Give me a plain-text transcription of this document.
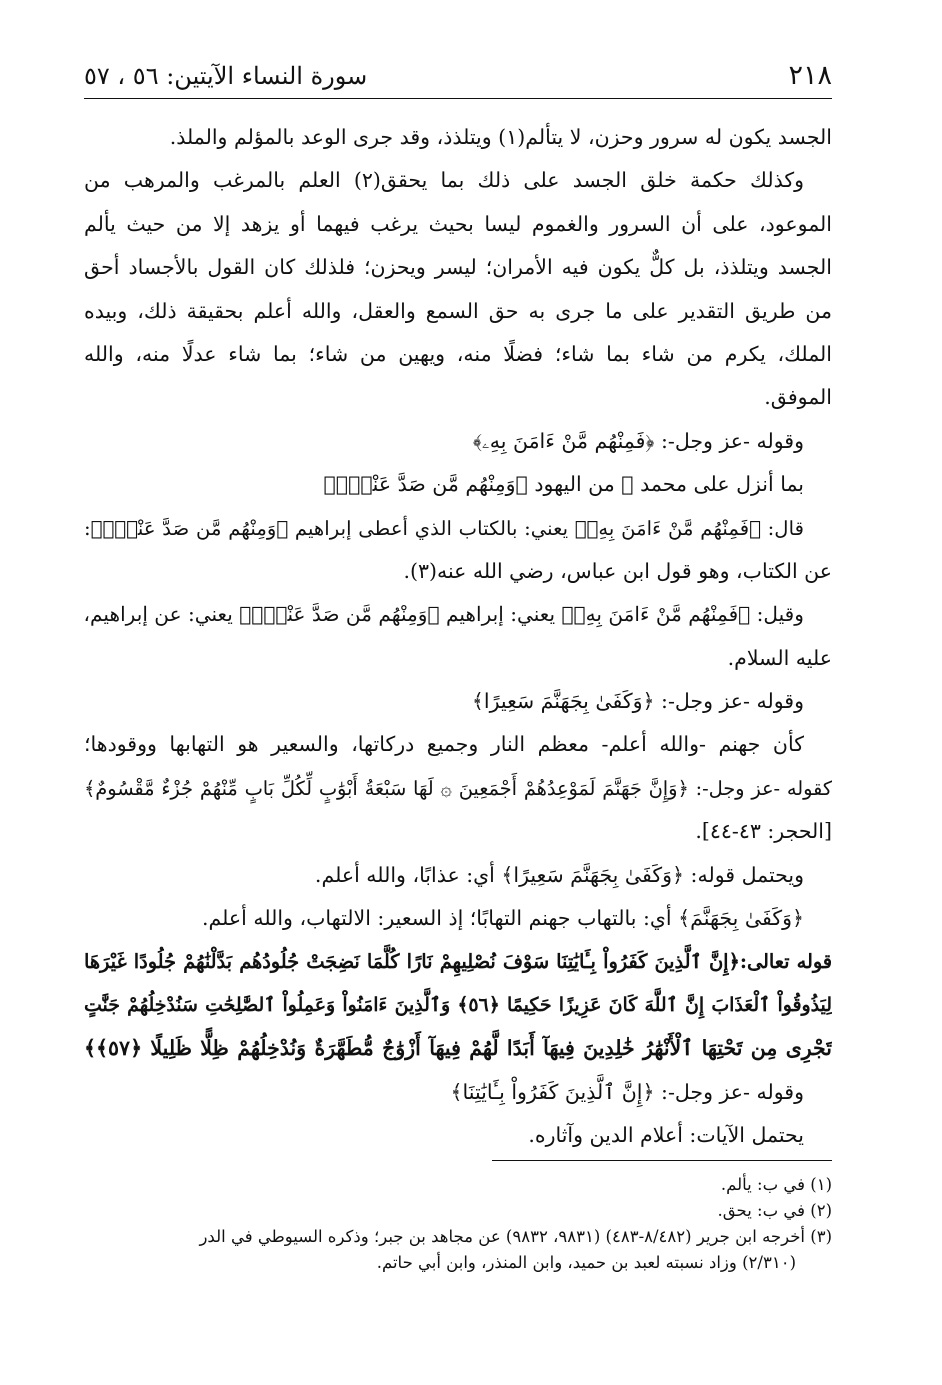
٢١٨
سورة النساء الآيتين: ٥٦ ، ٥٧
الجسد يكون له سرور وحزن، لا يتألم(١) ويتلذذ، وقد جرى الوعد بالمؤلم والملذ.
وكذلك حكمة خلق الجسد على ذلك بما يحقق(٢) العلم بالمرغب والمرهب من
الموعود، على أن السرور والغموم ليسا بحيث يرغب فيهما أو يزهد إلا من حيث يألم
الجسد ويتلذذ، بل كلٌّ يكون فيه الأمران؛ ليسر ويحزن؛ فلذلك كان القول بالأجساد أحق
من طريق التقدير على ما جرى به حق السمع والعقل، والله أعلم بحقيقة ذلك، وبيده
الملك، يكرم من شاء بما شاء؛ فضلًا منه، ويهين من شاء؛ بما شاء عدلًا منه، والله
الموفق.
وقوله -عز وجل-: ﴿فَمِنْهُم مَّنْ ءَامَنَ بِهِۦ﴾
بما أنزل على محمد ﷺ من اليهود ﴿وَمِنْهُم مَّن صَدَّ عَنْهُۚ﴾
قال: ﴿فَمِنْهُم مَّنْ ءَامَنَ بِهِۦ﴾ يعني: بالكتاب الذي أعطى إبراهيم ﴿وَمِنْهُم مَّن صَدَّ عَنْهُۚ﴾:
عن الكتاب، وهو قول ابن عباس، رضي الله عنه(٣).
وقيل: ﴿فَمِنْهُم مَّنْ ءَامَنَ بِهِۦ﴾ يعني: إبراهيم ﴿وَمِنْهُم مَّن صَدَّ عَنْهُۚ﴾ يعني: عن إبراهيم،
عليه السلام.
وقوله -عز وجل-: ﴿وَكَفَىٰ بِجَهَنَّمَ سَعِيرًا﴾
كأن جهنم -والله أعلم- معظم النار وجميع دركاتها، والسعير هو التهابها ووقودها؛
كقوله -عز وجل-: ﴿وَإِنَّ جَهَنَّمَ لَمَوْعِدُهُمْ أَجْمَعِينَ ۞ لَهَا سَبْعَةُ أَبْوَٰبٍ لِّكُلِّ بَابٍ مِّنْهُمْ جُزْءٌ مَّقْسُومٌ﴾
[الحجر: ٤٣-٤٤].
ويحتمل قوله: ﴿وَكَفَىٰ بِجَهَنَّمَ سَعِيرًا﴾ أي: عذابًا، والله أعلم.
﴿وَكَفَىٰ بِجَهَنَّمَ﴾ أي: بالتهاب جهنم التهابًا؛ إذ السعير: الالتهاب، والله أعلم.
قوله تعالى:﴿إِنَّ ٱلَّذِينَ كَفَرُواْ بِـَٔايَٰتِنَا سَوْفَ نُصْلِيهِمْ نَارًا كُلَّمَا نَضِجَتْ جُلُودُهُم بَدَّلْنَٰهُمْ جُلُودًا غَيْرَهَا
لِيَذُوقُواْ ٱلْعَذَابَ إِنَّ ٱللَّهَ كَانَ عَزِيزًا حَكِيمًا ﴿٥٦﴾ وَٱلَّذِينَ ءَامَنُواْ وَعَمِلُواْ ٱلصَّٰلِحَٰتِ سَنُدْخِلُهُمْ جَنَّٰتٍ
تَجْرِى مِن تَحْتِهَا ٱلْأَنْهَٰرُ خَٰلِدِينَ فِيهَآ أَبَدًا لَّهُمْ فِيهَآ أَزْوَٰجٌ مُّطَهَّرَةٌ وَنُدْخِلُهُمْ ظِلًّا ظَلِيلًا ﴿٥٧﴾﴾
وقوله -عز وجل-: ﴿إِنَّ ٱلَّذِينَ كَفَرُواْ بِـَٔايَٰتِنَا﴾
يحتمل الآيات: أعلام الدين وآثاره.
(١) في ب: يألم.
(٢) في ب: يحق.
(٣) أخرجه ابن جرير (٨/٤٨٢-٤٨٣) (٩٨٣١، ٩٨٣٢) عن مجاهد بن جبر؛ وذكره السيوطي في الدر
(٢/٣١٠) وزاد نسبته لعبد بن حميد، وابن المنذر، وابن أبي حاتم.
